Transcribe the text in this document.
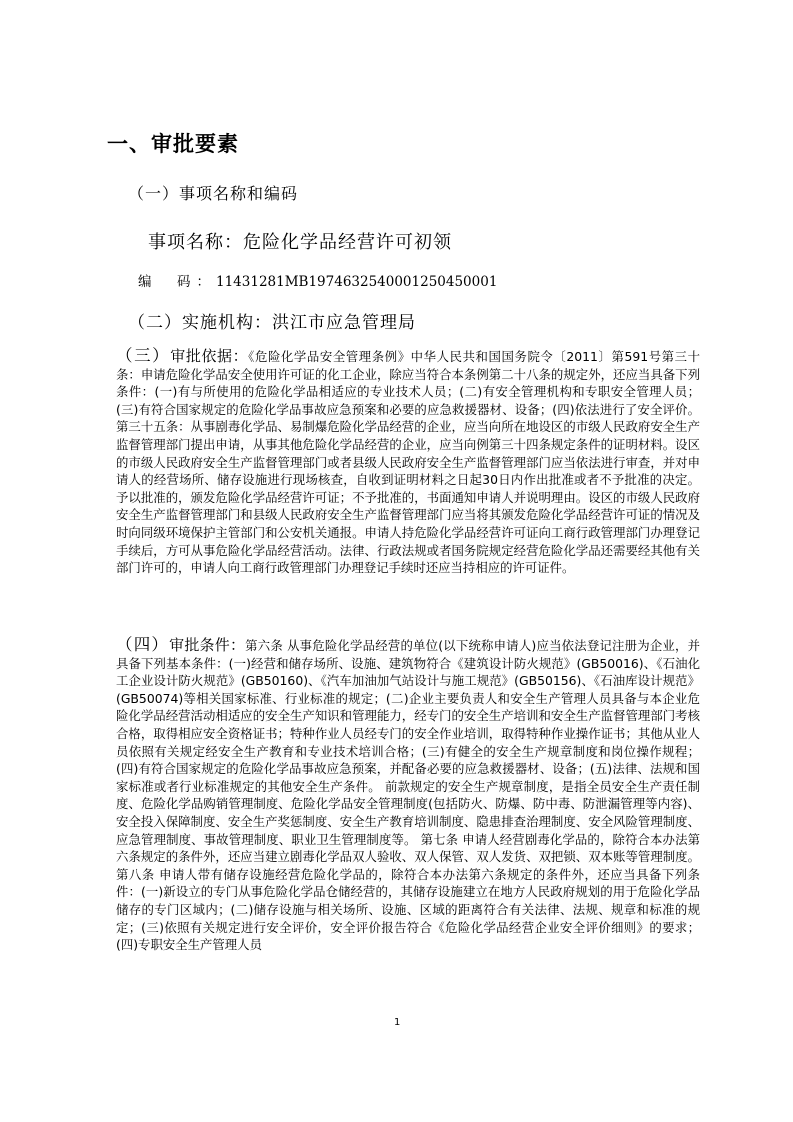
一、审批要素
（一）事项名称和编码
事项名称：危险化学品经营许可初领
编　码：11431281MB1974632540001250450001
（二）实施机构：洪江市应急管理局
（三）审批依据：《危险化学品安全管理条例》中华人民共和国国务院令〔2011〕第591号第三十条：申请危险化学品安全使用许可证的化工企业，除应当符合本条例第二十八条的规定外，还应当具备下列条件：(一)有与所使用的危险化学品相适应的专业技术人员；(二)有安全管理机构和专职安全管理人员；(三)有符合国家规定的危险化学品事故应急预案和必要的应急救援器材、设备；(四)依法进行了安全评价。第三十五条：从事剧毒化学品、易制爆危险化学品经营的企业，应当向所在地设区的市级人民政府安全生产监督管理部门提出申请，从事其他危险化学品经营的企业，应当向例第三十四条规定条件的证明材料。设区的市级人民政府安全生产监督管理部门或者县级人民政府安全生产监督管理部门应当依法进行审查，并对申请人的经营场所、储存设施进行现场核查，自收到证明材料之日起30日内作出批准或者不予批准的决定。予以批准的，颁发危险化学品经营许可证；不予批准的，书面通知申请人并说明理由。设区的市级人民政府安全生产监督管理部门和县级人民政府安全生产监督管理部门应当将其颁发危险化学品经营许可证的情况及时向同级环境保护主管部门和公安机关通报。申请人持危险化学品经营许可证向工商行政管理部门办理登记手续后，方可从事危险化学品经营活动。法律、行政法规或者国务院规定经营危险化学品还需要经其他有关部门许可的，申请人向工商行政管理部门办理登记手续时还应当持相应的许可证件。
（四）审批条件：第六条 从事危险化学品经营的单位(以下统称申请人)应当依法登记注册为企业，并具备下列基本条件：(一)经营和储存场所、设施、建筑物符合《建筑设计防火规范》(GB50016)、《石油化工企业设计防火规范》(GB50160)、《汽车加油加气站设计与施工规范》(GB50156)、《石油库设计规范》(GB50074)等相关国家标准、行业标准的规定；(二)企业主要负责人和安全生产管理人员具备与本企业危险化学品经营活动相适应的安全生产知识和管理能力，经专门的安全生产培训和安全生产监督管理部门考核合格，取得相应安全资格证书；特种作业人员经专门的安全作业培训，取得特种作业操作证书；其他从业人员依照有关规定经安全生产教育和专业技术培训合格；(三)有健全的安全生产规章制度和岗位操作规程；(四)有符合国家规定的危险化学品事故应急预案，并配备必要的应急救援器材、设备；(五)法律、法规和国家标准或者行业标准规定的其他安全生产条件。 前款规定的安全生产规章制度，是指全员安全生产责任制度、危险化学品购销管理制度、危险化学品安全管理制度(包括防火、防爆、防中毒、防泄漏管理等内容)、安全投入保障制度、安全生产奖惩制度、安全生产教育培训制度、隐患排查治理制度、安全风险管理制度、应急管理制度、事故管理制度、职业卫生管理制度等。 第七条 申请人经营剧毒化学品的，除符合本办法第六条规定的条件外，还应当建立剧毒化学品双人验收、双人保管、双人发货、双把锁、双本账等管理制度。 第八条 申请人带有储存设施经营危险化学品的，除符合本办法第六条规定的条件外，还应当具备下列条件：(一)新设立的专门从事危险化学品仓储经营的，其储存设施建立在地方人民政府规划的用于危险化学品储存的专门区域内；(二)储存设施与相关场所、设施、区域的距离符合有关法律、法规、规章和标准的规定；(三)依照有关规定进行安全评价，安全评价报告符合《危险化学品经营企业安全评价细则》的要求；(四)专职安全生产管理人员
1
